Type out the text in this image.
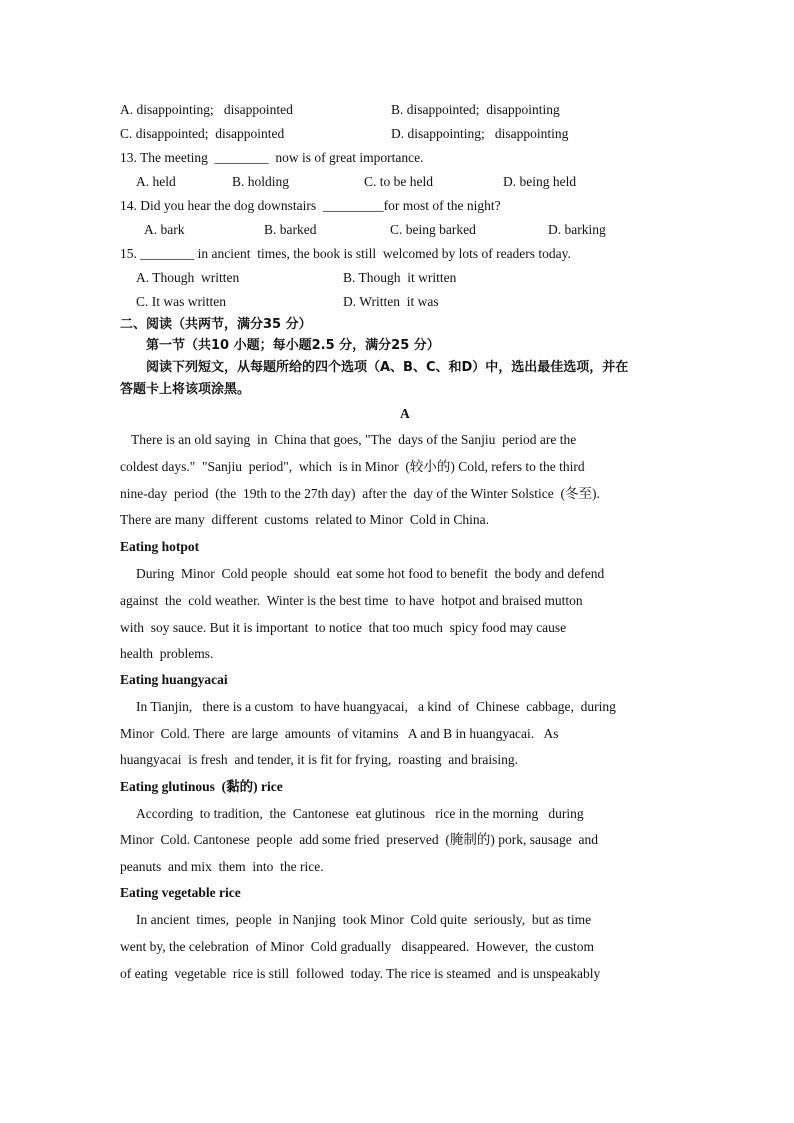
A. disappointing;   disappointed	B. disappointed;  disappointing
C. disappointed;  disappointed	D. disappointing;   disappointing
13. The meeting  ________  now is of great importance.
A. held	B. holding	C. to be held	D. being held
14. Did you hear the dog downstairs  _________for most of the night?
A. bark	B. barked	C. being barked	D. barking
15. ________ in ancient  times, the book is still  welcomed by lots of readers today.
A. Though  written	B. Though  it written
C. It was written	D. Written  it was
二、阅读（共两节，满分35 分）
第一节（共10 小题；每小题2.5 分，满分25 分）
阅读下列短文，从每题所给的四个选项（A、B、C、和D）中，选出最佳选项，并在
答题卡上将该项涂黑。
A
There is an old saying  in  China that goes, "The  days of the Sanjiu  period are the
coldest days."  "Sanjiu  period",  which  is in Minor  (较小的) Cold, refers to the third
nine-day  period  (the  19th to the 27th day)  after the  day of the Winter Solstice  (冬至).
There are many  different  customs  related to Minor  Cold in China.
Eating hotpot
During  Minor  Cold people  should  eat some hot food to benefit  the body and defend
against  the  cold weather.  Winter is the best time  to have  hotpot and braised mutton
with  soy sauce. But it is important  to notice  that too much  spicy food may cause
health  problems.
Eating huangyacai
In Tianjin,   there is a custom  to have huangyacai,   a kind  of  Chinese  cabbage,  during
Minor  Cold. There  are large  amounts  of vitamins   A and B in huangyacai.   As
huangyacai  is fresh  and tender, it is fit for frying,  roasting  and braising.
Eating glutinous  (黏的) rice
According  to tradition,  the  Cantonese  eat glutinous   rice in the morning   during
Minor  Cold. Cantonese  people  add some fried  preserved  (腌制的) pork, sausage  and
peanuts  and mix  them  into  the rice.
Eating vegetable rice
In ancient  times,  people  in Nanjing  took Minor  Cold quite  seriously,  but as time
went by, the celebration  of Minor  Cold gradually   disappeared.  However,  the custom
of eating  vegetable  rice is still  followed  today. The rice is steamed  and is unspeakably
